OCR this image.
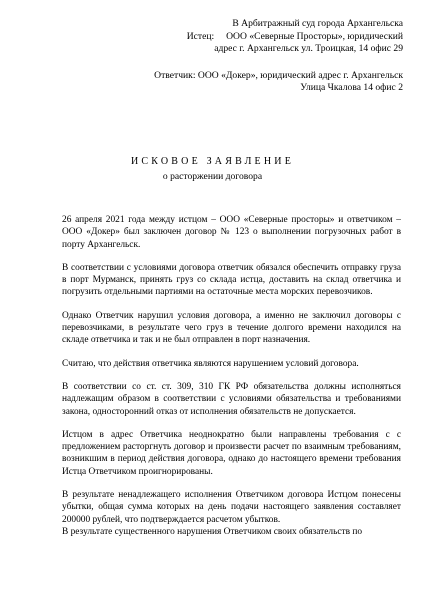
В Арбитражный суд города Архангельска
Истец:     ООО «Северные Просторы», юридический
адрес г. Архангельск ул. Троицкая, 14 офис 29
Ответчик: ООО «Докер», юридический адрес г. Архангельск
Улица Чкалова 14 офис 2
ИСКОВОЕ ЗАЯВЛЕНИЕ
о расторжении договора

26 апреля 2021 года между истцом – ООО «Северные просторы» и ответчиком – ООО «Докер» был заключен договор № 123 о выполнении погрузочных работ в порту Архангельск.

В соответствии с условиями договора ответчик обязался обеспечить отправку груза в порт Мурманск, принять груз со склада истца, доставить на склад ответчика и погрузить отдельными партиями на остаточные места морских перевозчиков.

Однако Ответчик нарушил условия договора, а именно не заключил договоры с перевозчиками, в результате чего груз в течение долгого времени находился на складе ответчика и так и не был отправлен в порт назначения.

Считаю, что действия ответчика являются нарушением условий договора.

В соответствии со ст. ст. 309, 310 ГК РФ обязательства должны исполняться надлежащим образом в соответствии с условиями обязательства и требованиями закона, односторонний отказ от исполнения обязательств не допускается.

Истцом в адрес Ответчика неоднократно были направлены требования с с предложением расторгнуть договор и произвести расчет по взаимным требованиям, возникшим в период действия договора, однако до настоящего времени требования Истца Ответчиком проигнорированы.

В результате ненадлежащего исполнения Ответчиком договора Истцом понесены убытки, общая сумма которых на день подачи настоящего заявления составляет 200000 рублей, что подтверждается расчетом убытков.

В результате существенного нарушения Ответчиком своих обязательств по
